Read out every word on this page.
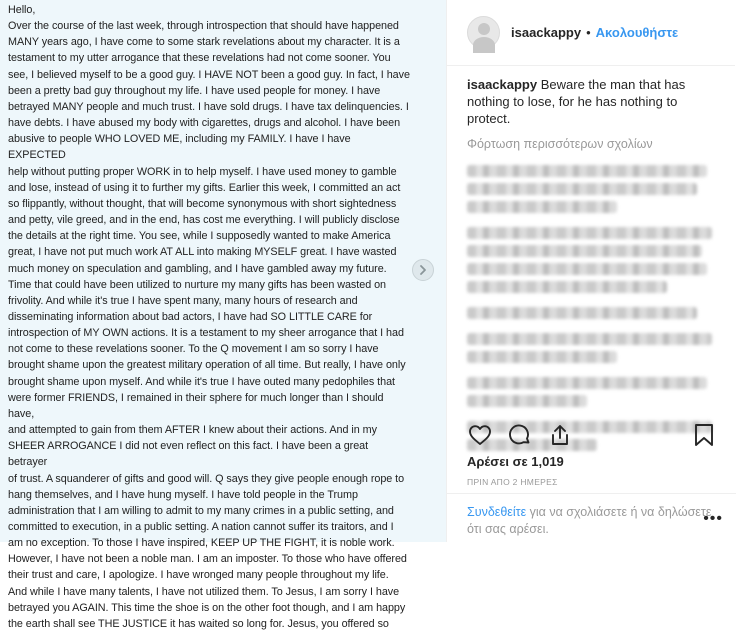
Hello,
Over the course of the last week, through introspection that should have happened
MANY years ago, I have come to some stark revelations about my character. It is a
testament to my utter arrogance that these revelations had not come sooner. You
see, I believed myself to be a good guy. I HAVE NOT been a good guy. In fact, I have
been a pretty bad guy throughout my life. I have used people for money. I have
betrayed MANY people and much trust. I have sold drugs. I have tax delinquencies. I
have debts. I have abused my body with cigarettes, drugs and alcohol. I have been
abusive to people WHO LOVED ME, including my FAMILY. I have I have EXPECTED
help without putting proper WORK in to help myself. I have used money to gamble
and lose, instead of using it to further my gifts. Earlier this week, I committed an act
so flippantly, without thought, that will become synonymous with short sightedness
and petty, vile greed, and in the end, has cost me everything. I will publicly disclose
the details at the right time. You see, while I supposedly wanted to make America
great, I have not put much work AT ALL into making MYSELF great. I have wasted
much money on speculation and gambling, and I have gambled away my future.
Time that could have been utilized to nurture my many gifts has been wasted on
frivolity. And while it's true I have spent many, many hours of research and
disseminating information about bad actors, I have had SO LITTLE CARE for
introspection of MY OWN actions. It is a testament to my sheer arrogance that I had
not come to these revelations sooner. To the Q movement I am so sorry I have
brought shame upon the greatest military operation of all time. But really, I have only
brought shame upon myself. And while it's true I have outed many pedophiles that
were former FRIENDS, I remained in their sphere for much longer than I should have,
and attempted to gain from them AFTER I knew about their actions. And in my
SHEER ARROGANCE I did not even reflect on this fact. I have been a great betrayer
of trust. A squanderer of gifts and good will. Q says they give people enough rope to
hang themselves, and I have hung myself. I have told people in the Trump
administration that I am willing to admit to my many crimes in a public setting, and
committed to execution, in a public setting. A nation cannot suffer its traitors, and I
am no exception. To those I have inspired, KEEP UP THE FIGHT, it is noble work.
However, I have not been a noble man. I am an imposter. To those who have offered
their trust and care, I apologize. I have wronged many people throughout my life.
And while I have many talents, I have not utilized them. To Jesus, I am sorry I have
betrayed you AGAIN. This time the shoe is on the other foot though, and I am happy
the earth shall see THE JUSTICE it has waited so long for. Jesus, you offered so
isaackappy • Ακολουθήστε
isaackappy Beware the man that has nothing to lose, for he has nothing to protect.
Φόρτωση περισσότερων σχολίων
Αρέσει σε 1,019
ΠΡΙΝ ΑΠΟ 2 ΗΜΕΡΕΣ
Συνδεθείτε για να σχολιάσετε ή να δηλώσετε ότι σας αρέσει.
•••
